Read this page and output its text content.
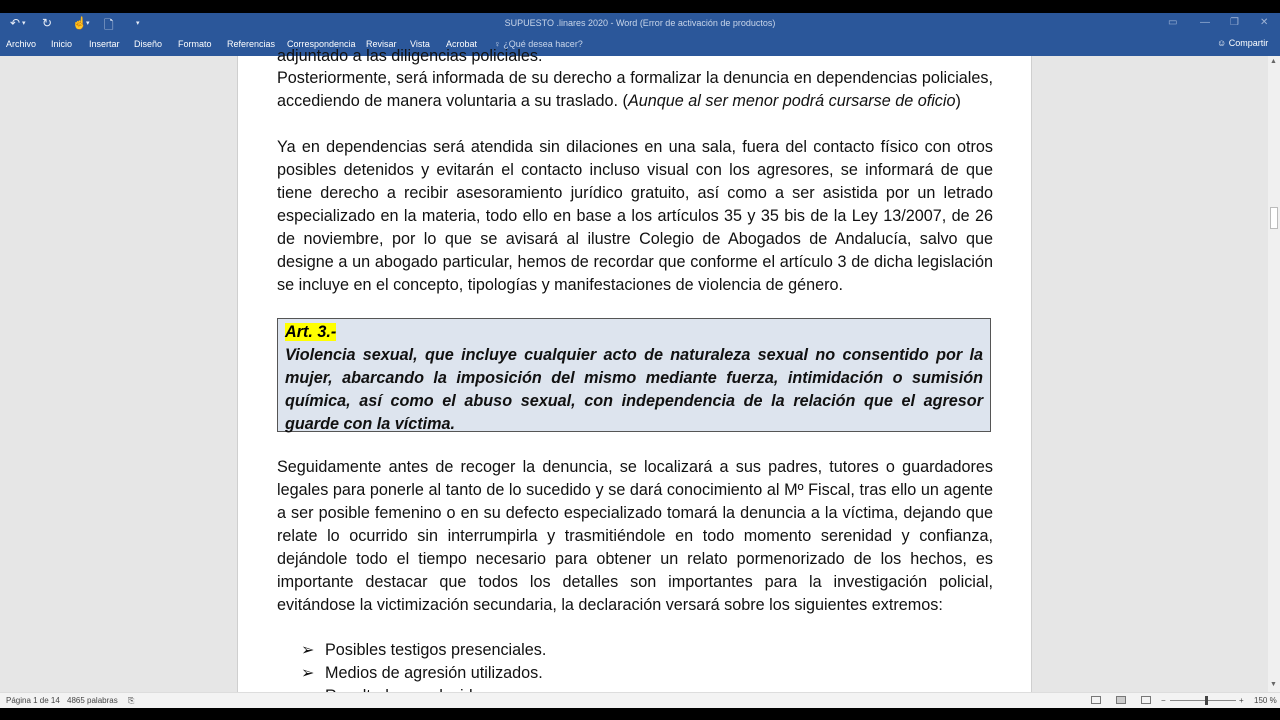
↶ ▾ ↻ ☝ ▾ 🗋	▾	SUPUESTO .linares 2020 - Word (Error de activación de productos)	▭ — ❐ ✕
Archivo Inicio Insertar Diseño Formato Referencias Correspondencia Revisar Vista Acrobat ♀ ¿Qué desea hacer?	☺ Compartir

adjuntado a las diligencias policiales.

Posteriormente, será informada de su derecho a formalizar la denuncia en dependencias policiales, accediendo de manera voluntaria a su traslado. (Aunque al ser menor podrá cursarse de oficio)

Ya en dependencias será atendida sin dilaciones en una sala, fuera del contacto físico con otros posibles detenidos y evitarán el contacto incluso visual con los agresores, se informará de que tiene derecho a recibir asesoramiento jurídico gratuito, así como a ser asistida por un letrado especializado en la materia, todo ello en base a los artículos 35 y 35 bis de la Ley 13/2007, de 26 de noviembre, por lo que se avisará al ilustre Colegio de Abogados de Andalucía, salvo que designe a un abogado particular, hemos de recordar que conforme el artículo 3 de dicha legislación se incluye en el concepto, tipologías y manifestaciones de violencia de género.

Art. 3.-

Violencia sexual, que incluye cualquier acto de naturaleza sexual no consentido por la mujer, abarcando la imposición del mismo mediante fuerza, intimidación o sumisión química, así como el abuso sexual, con independencia de la relación que el agresor guarde con la víctima.

Seguidamente antes de recoger la denuncia, se localizará a sus padres, tutores o guardadores legales para ponerle al tanto de lo sucedido y se dará conocimiento al Mº Fiscal, tras ello un agente a ser posible femenino o en su defecto especializado tomará la denuncia a la víctima, dejando que relate lo ocurrido sin interrumpirla y trasmitiéndole en todo momento serenidad y confianza, dejándole todo el tiempo necesario para obtener un relato pormenorizado de los hechos, es importante destacar que todos los detalles son importantes para la investigación policial, evitándose la victimización secundaria, la declaración versará sobre los siguientes extremos:

➢ Posibles testigos presenciales.
➢ Medios de agresión utilizados.
▲
▼
Página 1 de 14 4865 palabras ⎘	−	+ 150 %
